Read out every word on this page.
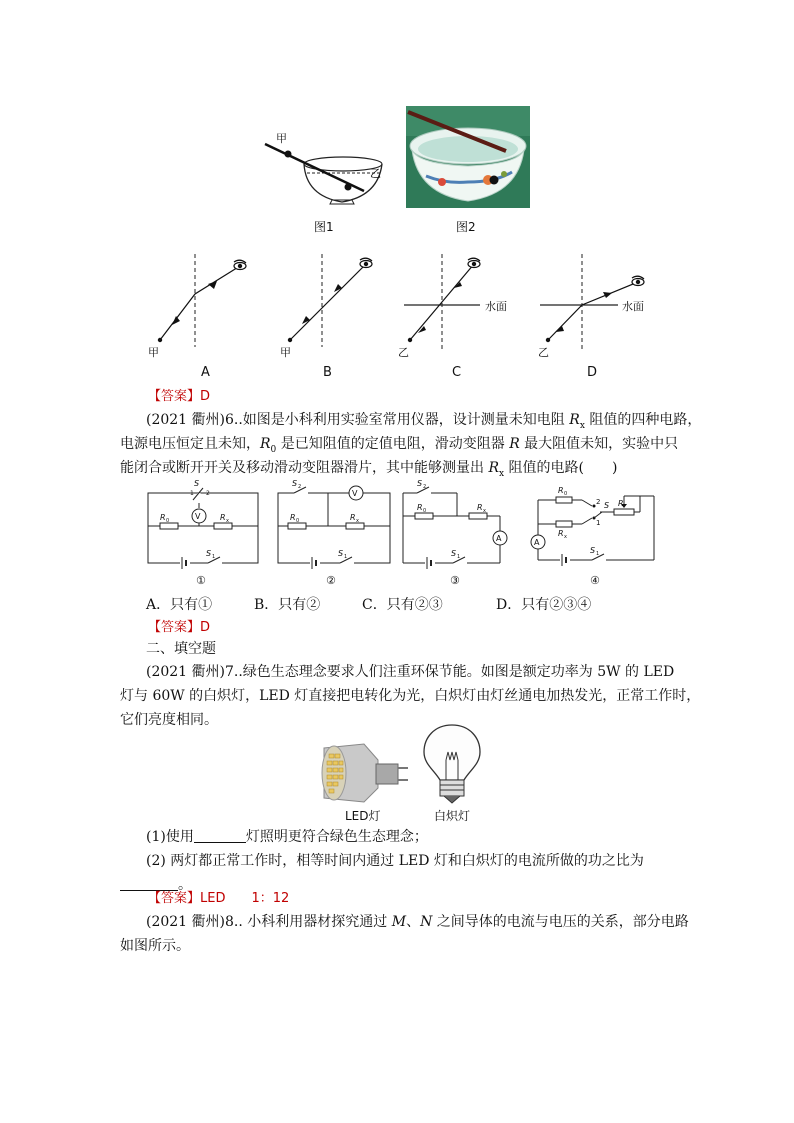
甲
乙
图1	图2
甲
A
甲
B
水面
乙
C
水面
乙
D
【答案】D
(2021 衢州)6..如图是小科利用实验室常用仪器，设计测量未知电阻 $R_x$ 阻值的四种电路，
电源电压恒定且未知，$R_0$ 是已知阻值的定值电阻，滑动变阻器 R 最大阻值未知，实验中只
能闭合或断开开关及移动滑动变阻器滑片，其中能够测量出 $R_x$ 阻值的电路(　　)
V
S
1 2
R 0	R x
S 1
①
V
S 2
R 0	R x
S 1
②
A
S 2
R 0	R x
S 1
③
A
R 0
R x
2
1
S R
S 1
④
A．只有①	B．只有②	C．只有②③	D．只有②③④
【答案】D
二、填空题
(2021 衢州)7..绿色生态理念要求人们注重环保节能。如图是额定功率为 5W 的 LED
灯与 60W 的白炽灯，LED 灯直接把电转化为光，白炽灯由灯丝通电加热发光，正常工作时，
它们亮度相同。
LED灯	白炽灯
(1)使用	灯照明更符合绿色生态理念；
(2) 两灯都正常工作时，相等时间内通过 LED 灯和白炽灯的电流所做的功之比为
。
【答案】LED　　1：12
(2021 衢州)8.. 小科利用器材探究通过 M、N 之间导体的电流与电压的关系，部分电路
如图所示。
